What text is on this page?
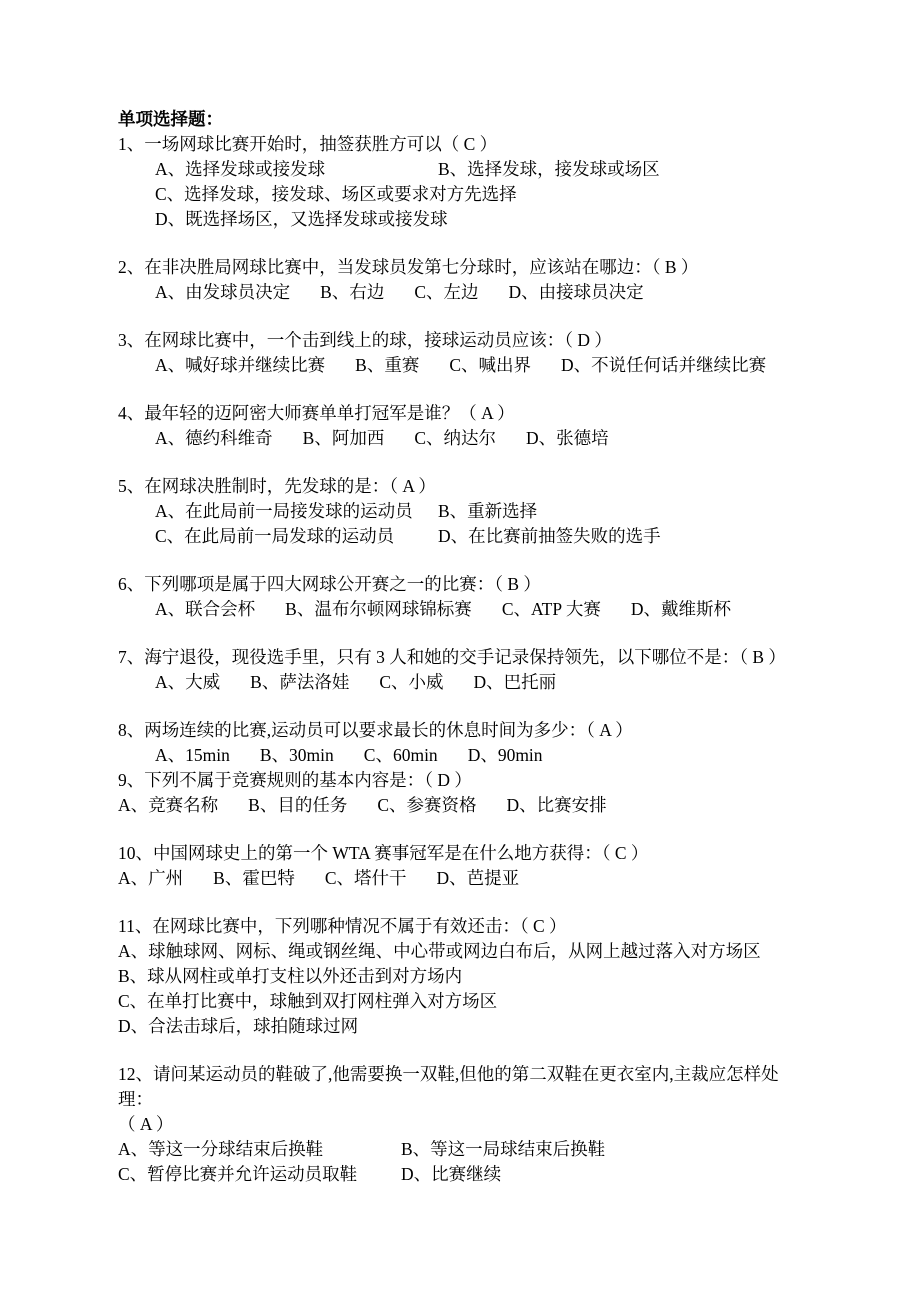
单项选择题：
1、一场网球比赛开始时，抽签获胜方可以（ C ）
A、选择发球或接发球	B、选择发球，接发球或场区
C、选择发球，接发球、场区或要求对方先选择
D、既选择场区，又选择发球或接发球
2、在非决胜局网球比赛中，当发球员发第七分球时，应该站在哪边：（ B ）
A、由发球员决定 B、右边 C、左边 D、由接球员决定
3、在网球比赛中，一个击到线上的球，接球运动员应该：（ D ）
A、喊好球并继续比赛 B、重赛 C、喊出界 D、不说任何话并继续比赛
4、最年轻的迈阿密大师赛单单打冠军是谁？（ A ）
A、德约科维奇 B、阿加西 C、纳达尔 D、张德培
5、在网球决胜制时，先发球的是：（ A ）
A、在此局前一局接发球的运动员	B、重新选择
C、在此局前一局发球的运动员	D、在比赛前抽签失败的选手
6、下列哪项是属于四大网球公开赛之一的比赛：（ B ）
A、联合会杯 B、温布尔顿网球锦标赛 C、ATP 大赛 D、戴维斯杯
7、海宁退役，现役选手里，只有 3 人和她的交手记录保持领先，以下哪位不是：（ B ）
A、大威 B、萨法洛娃 C、小威 D、巴托丽
8、两场连续的比赛,运动员可以要求最长的休息时间为多少：（ A ）
A、15min B、30min C、60min D、90min
9、下列不属于竞赛规则的基本内容是：（ D ）
A、竞赛名称 B、目的任务 C、参赛资格 D、比赛安排
10、中国网球史上的第一个 WTA 赛事冠军是在什么地方获得：（ C ）
A、广州 B、霍巴特 C、塔什干 D、芭提亚
11、在网球比赛中，下列哪种情况不属于有效还击：（ C ）
A、球触球网、网标、绳或钢丝绳、中心带或网边白布后，从网上越过落入对方场区
B、球从网柱或单打支柱以外还击到对方场内
C、在单打比赛中，球触到双打网柱弹入对方场区
D、合法击球后，球拍随球过网
12、请问某运动员的鞋破了,他需要换一双鞋,但他的第二双鞋在更衣室内,主裁应怎样处理：
（ A ）
A、等这一分球结束后换鞋	B、等这一局球结束后换鞋
C、暂停比赛并允许运动员取鞋	D、比赛继续
